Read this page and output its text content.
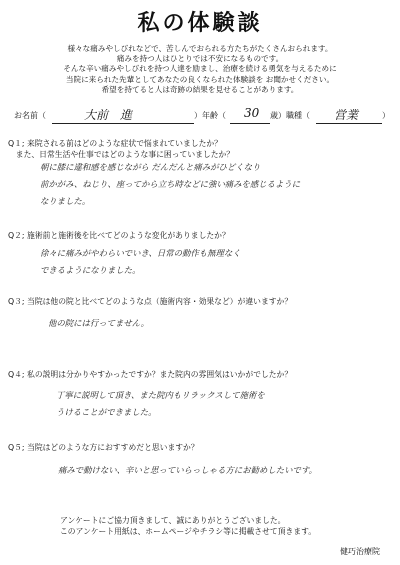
私の体験談
様々な痛みやしびれなどで、苦しんでおられる方たちがたくさんおられます。
痛みを持つ人はひとりでは不安になるものです。
そんな辛い痛みやしびれを持つ人達を励まし、治療を続ける勇気を与えるために
当院に来られた先輩としてあなたの良くなられた体験談を お聞かせください。
希望を持てると人は奇跡の結果を見せることがあります。
お名前（	大前　進	）年齢（ 30 歳）職種（ 営業	）
Q１; 来院される前はどのような症状で悩まれていましたか？
　また、日常生活や仕事ではどのような事に困っていましたか？
朝に膝に違和感を感じながら だんだんと痛みがひどくなり
前かがみ、ねじり、座ってから立ち時などに強い痛みを感じるように
なりました。
Q２; 施術前と施術後を比べてどのような変化がありましたか？
徐々に痛みがやわらいでいき、日常の動作も無理なく
できるようになりました。
Q３; 当院は他の院と比べてどのような点（施術内容・効果など）が違いますか？
他の院には行ってません。
Q４; 私の説明は分かりやすかったですか？また院内の雰囲気はいかがでしたか？
丁寧に説明して頂き、また院内もリラックスして施術を
うけることができました。
Q５; 当院はどのような方におすすめだと思いますか？
痛みで動けない、辛いと思っていらっしゃる方にお勧めしたいです。
アンケートにご協力頂きまして、誠にありがとうございました。
このアンケート用紙は、ホームページやチラシ等に掲載させて頂きます。
健巧治療院
